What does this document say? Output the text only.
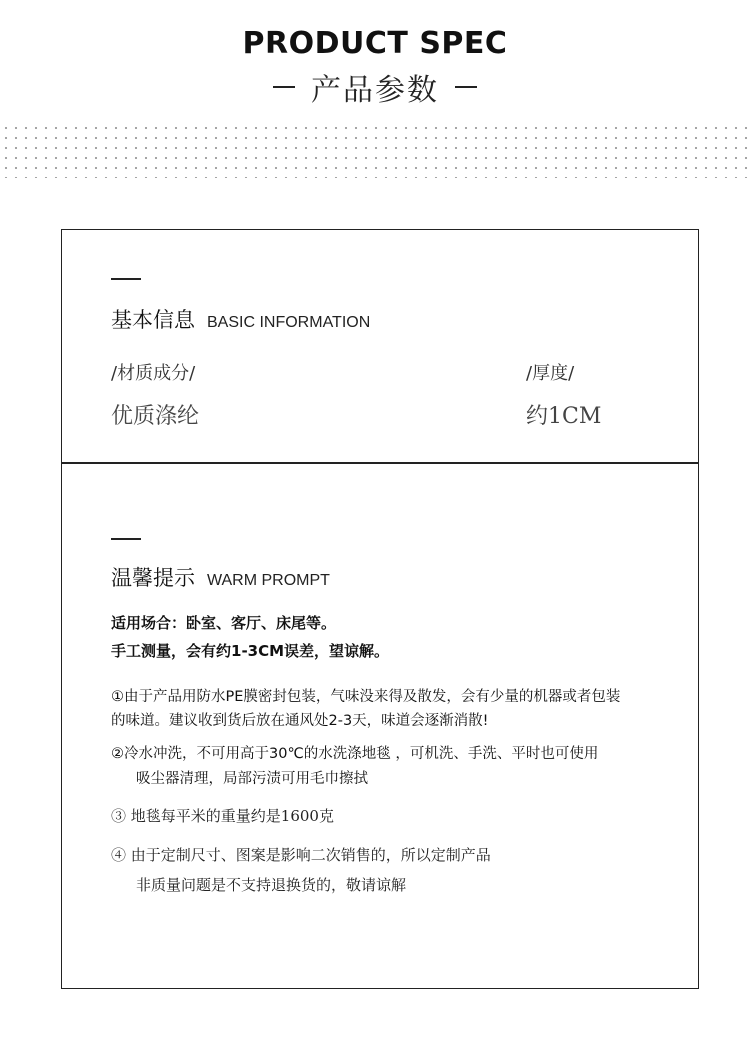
PRODUCT SPEC
产品参数
基本信息 BASIC INFORMATION
/材质成分/
优质涤纶
/厚度/
约1CM
温馨提示 WARM PROMPT
适用场合：卧室、客厅、床尾等。
手工测量，会有约1-3CM误差，望谅解。
①由于产品用防水PE膜密封包装，气味没来得及散发，会有少量的机器或者包装
的味道。建议收到货后放在通风处2-3天，味道会逐渐消散!
②冷水冲洗，不可用高于30℃的水洗涤地毯 ，可机洗、手洗、平时也可使用
吸尘器清理，局部污渍可用毛巾擦拭
③ 地毯每平米的重量约是1600克
④ 由于定制尺寸、图案是影响二次销售的，所以定制产品
非质量问题是不支持退换货的，敬请谅解
